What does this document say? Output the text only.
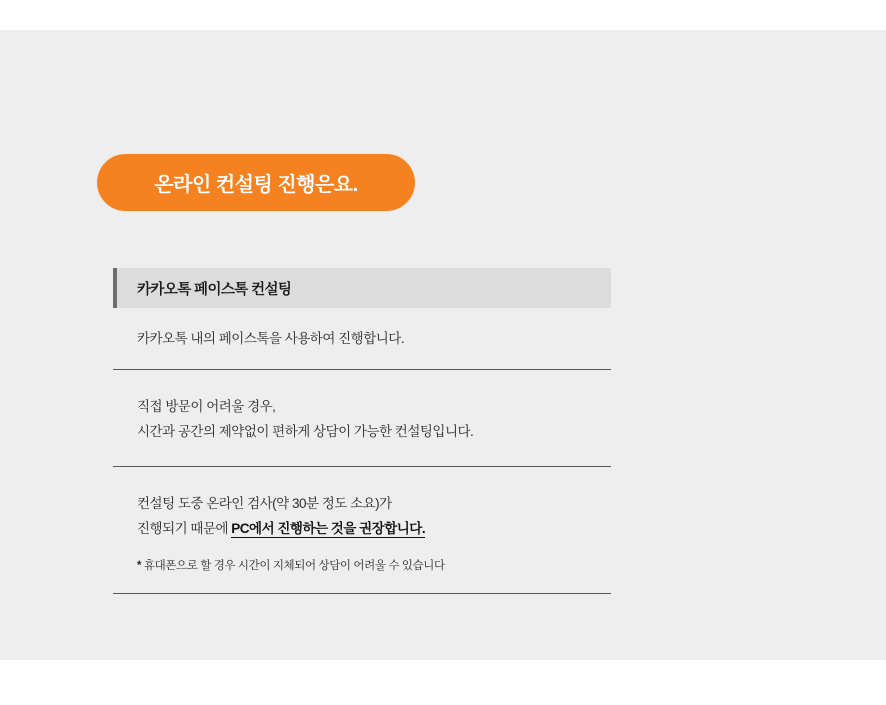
온라인 컨설팅 진행은요.
카카오톡 페이스톡 컨설팅
카카오톡 내의 페이스톡을 사용하여 진행합니다.
직접 방문이 어려울 경우,
시간과 공간의 제약없이 편하게 상담이 가능한 컨설팅입니다.
컨설팅 도중 온라인 검사(약 30분 정도 소요)가
진행되기 때문에 PC에서 진행하는 것을 권장합니다.
* 휴대폰으로 할 경우 시간이 지체되어 상담이 어려울 수 있습니다
